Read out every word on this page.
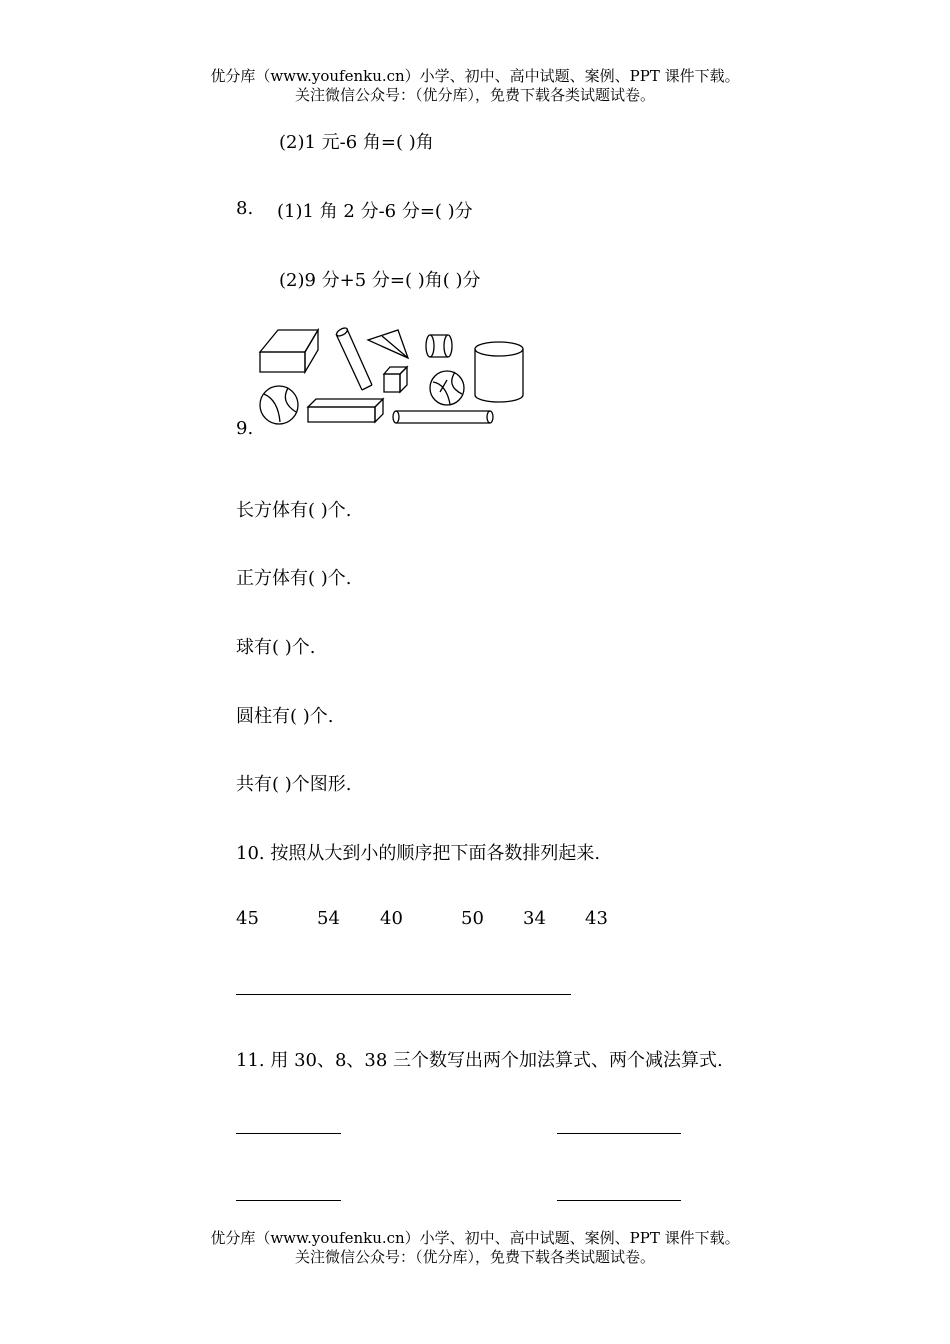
优分库（www.youfenku.cn）小学、初中、高中试题、案例、PPT 课件下载。
关注微信公众号：（优分库），免费下载各类试题试卷。
(2)1 元-6 角=( )角
8. (1)1 角 2 分-6 分=( )分
(2)9 分+5 分=( )角( )分
9.
长方体有( )个.
正方体有( )个.
球有( )个.
圆柱有( )个.
共有( )个图形.
10. 按照从大到小的顺序把下面各数排列起来.
45	54 40	50 34 43
11. 用 30、8、38 三个数写出两个加法算式、两个减法算式.
优分库（www.youfenku.cn）小学、初中、高中试题、案例、PPT 课件下载。
关注微信公众号：（优分库），免费下载各类试题试卷。
